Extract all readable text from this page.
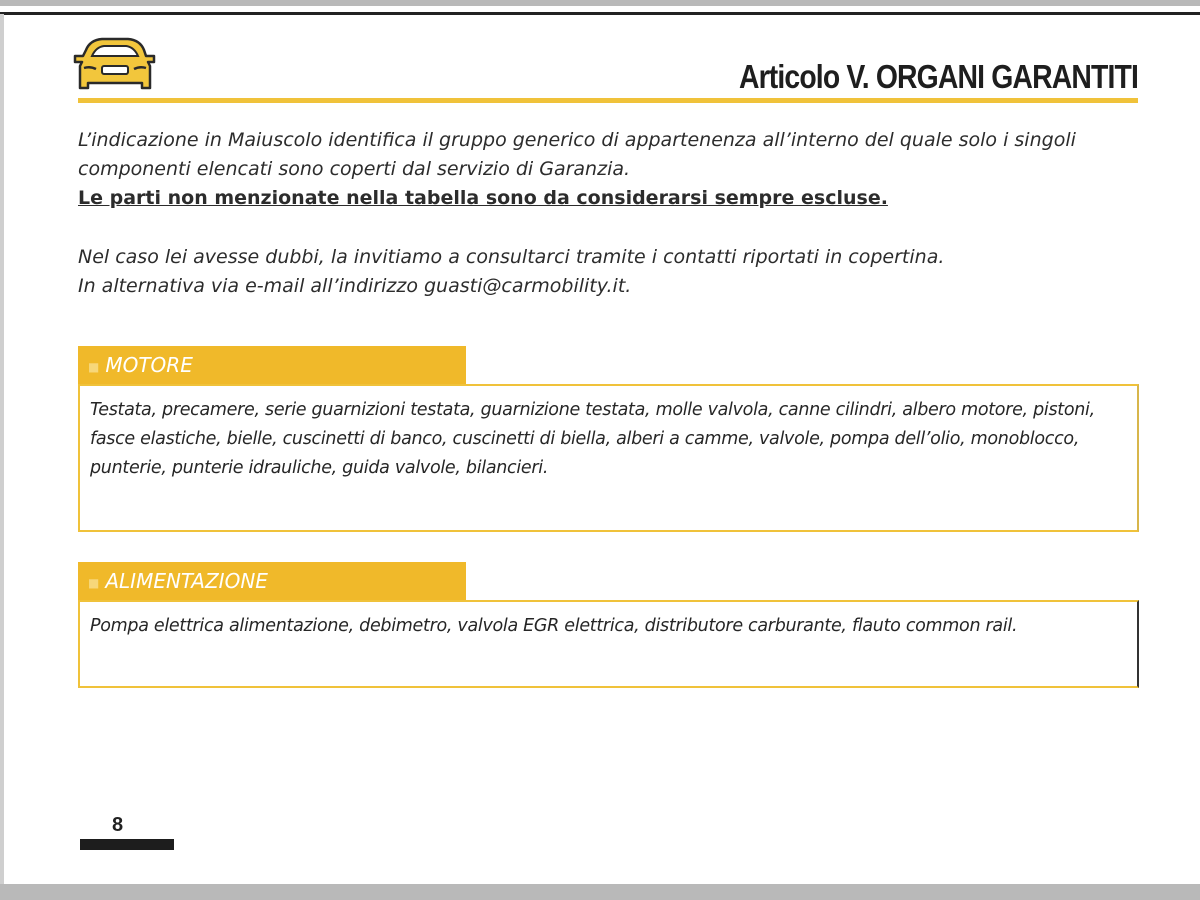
Articolo V. ORGANI GARANTITI

L’indicazione in Maiuscolo identifica il gruppo generico di appartenenza all’interno del quale solo i singoli componenti elencati sono coperti dal servizio di Garanzia.
Le parti non menzionate nella tabella sono da considerarsi sempre escluse.

Nel caso lei avesse dubbi, la invitiamo a consultarci tramite i contatti riportati in copertina.
In alternativa via e-mail all’indirizzo guasti@carmobility.it.

■ MOTORE

Testata, precamere, serie guarnizioni testata, guarnizione testata, molle valvola, canne cilindri, albero motore, pistoni, fasce elastiche, bielle, cuscinetti di banco, cuscinetti di biella, alberi a camme, valvole, pompa dell’olio, monoblocco, punterie, punterie idrauliche, guida valvole, bilancieri.

■ ALIMENTAZIONE

Pompa elettrica alimentazione, debimetro, valvola EGR elettrica, distributore carburante, flauto common rail.

8
